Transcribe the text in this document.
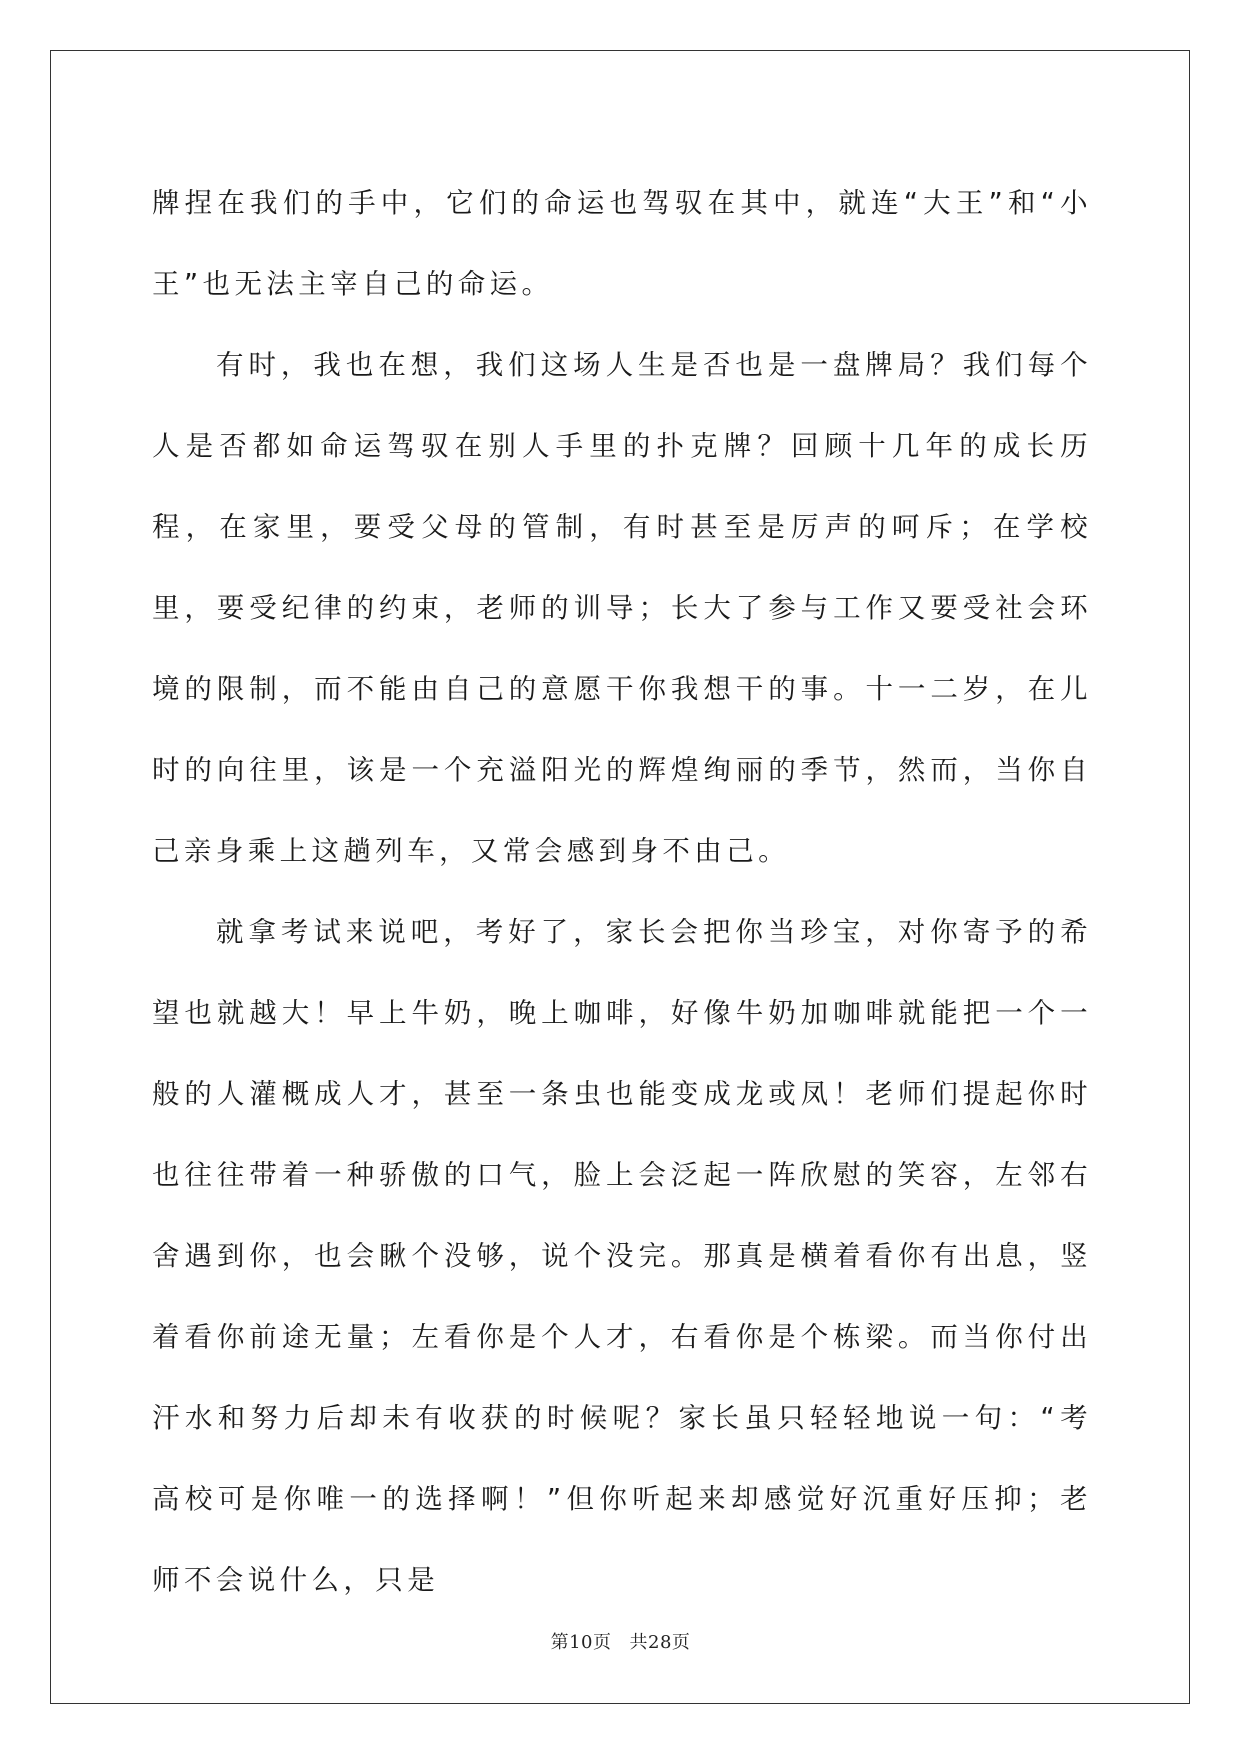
牌捏在我们的手中，它们的命运也驾驭在其中，就连“大王”和“小王”也无法主宰自己的命运。

有时，我也在想，我们这场人生是否也是一盘牌局？我们每个人是否都如命运驾驭在别人手里的扑克牌？回顾十几年的成长历程，在家里，要受父母的管制，有时甚至是厉声的呵斥；在学校里，要受纪律的约束，老师的训导；长大了参与工作又要受社会环境的限制，而不能由自己的意愿干你我想干的事。十一二岁，在儿时的向往里，该是一个充溢阳光的辉煌绚丽的季节，然而，当你自己亲身乘上这趟列车，又常会感到身不由己。

就拿考试来说吧，考好了，家长会把你当珍宝，对你寄予的希望也就越大！早上牛奶，晚上咖啡，好像牛奶加咖啡就能把一个一般的人灌概成人才，甚至一条虫也能变成龙或凤！老师们提起你时也往往带着一种骄傲的口气，脸上会泛起一阵欣慰的笑容，左邻右舍遇到你，也会瞅个没够，说个没完。那真是横着看你有出息，竖着看你前途无量；左看你是个人才，右看你是个栋梁。而当你付出汗水和努力后却未有收获的时候呢？家长虽只轻轻地说一句：“考高校可是你唯一的选择啊！”但你听起来却感觉好沉重好压抑；老师不会说什么，只是

第10页 共28页
